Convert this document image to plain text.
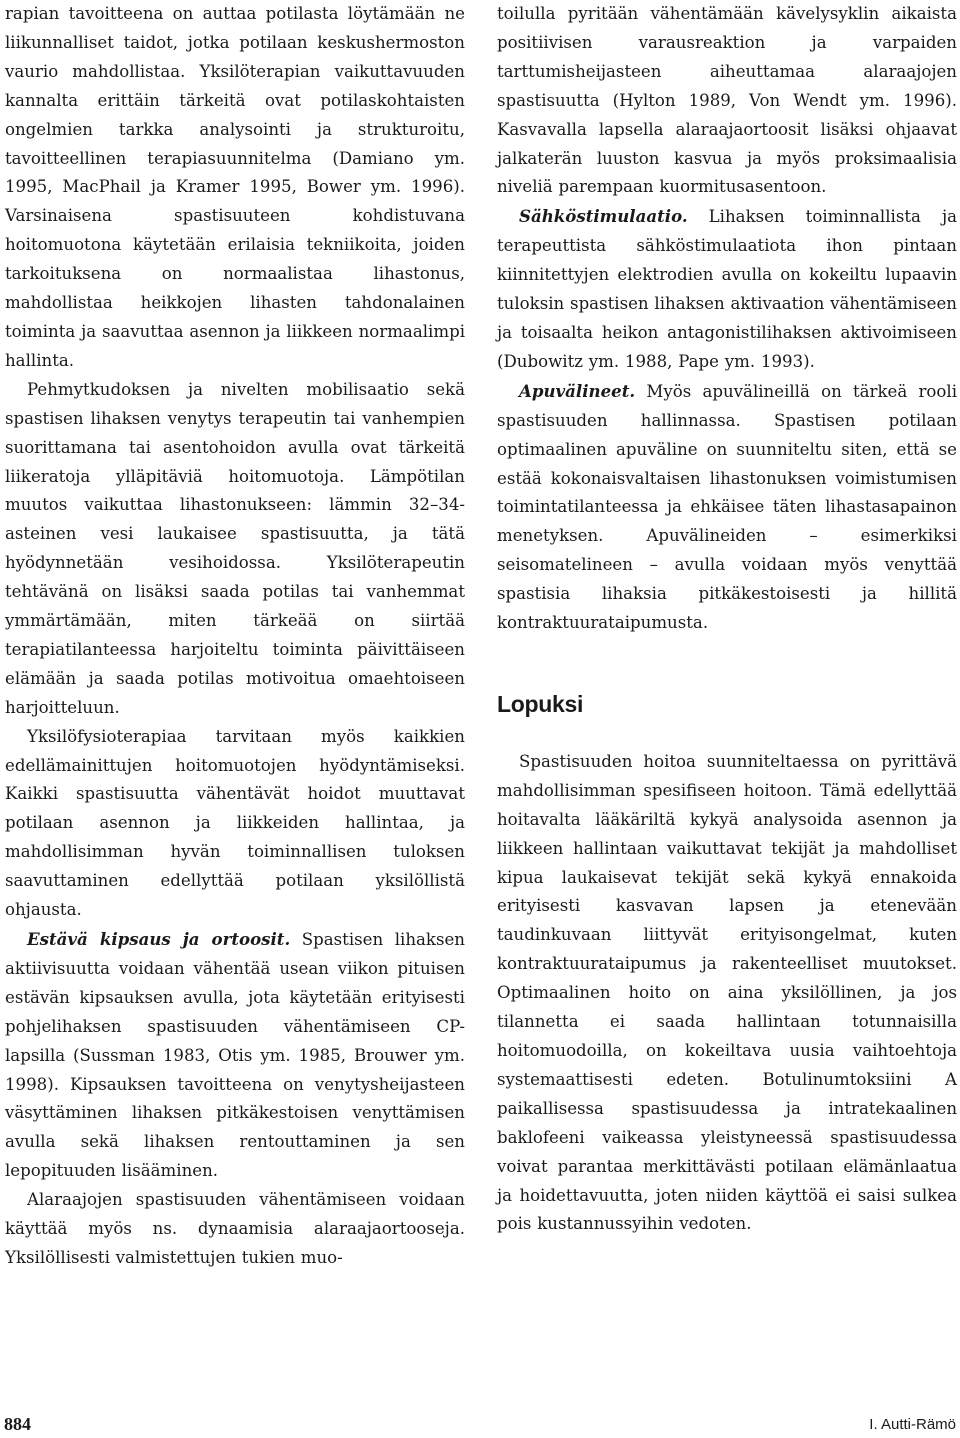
rapian tavoitteena on auttaa potilasta löytämään ne liikunnalliset taidot, jotka potilaan keskushermoston vaurio mahdollistaa. Yksilöterapian vaikuttavuuden kannalta erittäin tärkeitä ovat potilaskohtaisten ongelmien tarkka analysointi ja strukturoitu, tavoitteellinen terapiasuunnitelma (Damiano ym. 1995, MacPhail ja Kramer 1995, Bower ym. 1996). Varsinaisena spastisuuteen kohdistuvana hoitomuotona käytetään erilaisia tekniikoita, joiden tarkoituksena on normaalistaa lihastonus, mahdollistaa heikkojen lihasten tahdonalainen toiminta ja saavuttaa asennon ja liikkeen normaalimpi hallinta.

Pehmytkudoksen ja nivelten mobilisaatio sekä spastisen lihaksen venytys terapeutin tai vanhempien suorittamana tai asentohoidon avulla ovat tärkeitä liikeratoja ylläpitäviä hoitomuotoja. Lämpötilan muutos vaikuttaa lihastonukseen: lämmin 32–34-asteinen vesi laukaisee spastisuutta, ja tätä hyödynnetään vesihoidossa. Yksilöterapeutin tehtävänä on lisäksi saada potilas tai vanhemmat ymmärtämään, miten tärkeää on siirtää terapiatilanteessa harjoiteltu toiminta päivittäiseen elämään ja saada potilas motivoitua omaehtoiseen harjoitteluun.

Yksilöfysioterapiaa tarvitaan myös kaikkien edellämainittujen hoitomuotojen hyödyntämiseksi. Kaikki spastisuutta vähentävät hoidot muuttavat potilaan asennon ja liikkeiden hallintaa, ja mahdollisimman hyvän toiminnallisen tuloksen saavuttaminen edellyttää potilaan yksilöllistä ohjausta.

Estävä kipsaus ja ortoosit. Spastisen lihaksen aktiivisuutta voidaan vähentää usean viikon pituisen estävän kipsauksen avulla, jota käytetään erityisesti pohjelihaksen spastisuuden vähentämiseen CP-lapsilla (Sussman 1983, Otis ym. 1985, Brouwer ym. 1998). Kipsauksen tavoitteena on venytysheijasteen väsyttäminen lihaksen pitkäkestoisen venyttämisen avulla sekä lihaksen rentouttaminen ja sen lepopituuden lisääminen.

Alaraajojen spastisuuden vähentämiseen voidaan käyttää myös ns. dynaamisia alaraajaortooseja. Yksilöllisesti valmistettujen tukien muo-

toilulla pyritään vähentämään kävelysyklin aikaista positiivisen varausreaktion ja varpaiden tarttumisheijasteen aiheuttamaa alaraajojen spastisuutta (Hylton 1989, Von Wendt ym. 1996). Kasvavalla lapsella alaraajaortoosit lisäksi ohjaavat jalkaterän luuston kasvua ja myös proksimaalisia niveliä parempaan kuormitusasentoon.

Sähköstimulaatio. Lihaksen toiminnallista ja terapeuttista sähköstimulaatiota ihon pintaan kiinnitettyjen elektrodien avulla on kokeiltu lupaavin tuloksin spastisen lihaksen aktivaation vähentämiseen ja toisaalta heikon antagonistilihaksen aktivoimiseen (Dubowitz ym. 1988, Pape ym. 1993).

Apuvälineet. Myös apuvälineillä on tärkeä rooli spastisuuden hallinnassa. Spastisen potilaan optimaalinen apuväline on suunniteltu siten, että se estää kokonaisvaltaisen lihastonuksen voimistumisen toimintatilanteessa ja ehkäisee täten lihastasapainon menetyksen. Apuvälineiden – esimerkiksi seisomatelineen – avulla voidaan myös venyttää spastisia lihaksia pitkäkestoisesti ja hillitä kontraktuurataipumusta.

Lopuksi

Spastisuuden hoitoa suunniteltaessa on pyrittävä mahdollisimman spesifiseen hoitoon. Tämä edellyttää hoitavalta lääkäriltä kykyä analysoida asennon ja liikkeen hallintaan vaikuttavat tekijät ja mahdolliset kipua laukaisevat tekijät sekä kykyä ennakoida erityisesti kasvavan lapsen ja etenevään taudinkuvaan liittyvät erityisongelmat, kuten kontraktuurataipumus ja rakenteelliset muutokset. Optimaalinen hoito on aina yksilöllinen, ja jos tilannetta ei saada hallintaan totunnaisilla hoitomuodoilla, on kokeiltava uusia vaihtoehtoja systemaattisesti edeten. Botulinumtoksiini A paikallisessa spastisuudessa ja intratekaalinen baklofeeni vaikeassa yleistyneessä spastisuudessa voivat parantaa merkittävästi potilaan elämänlaatua ja hoidettavuutta, joten niiden käyttöä ei saisi sulkea pois kustannussyihin vedoten.

884	I. Autti-Rämö
